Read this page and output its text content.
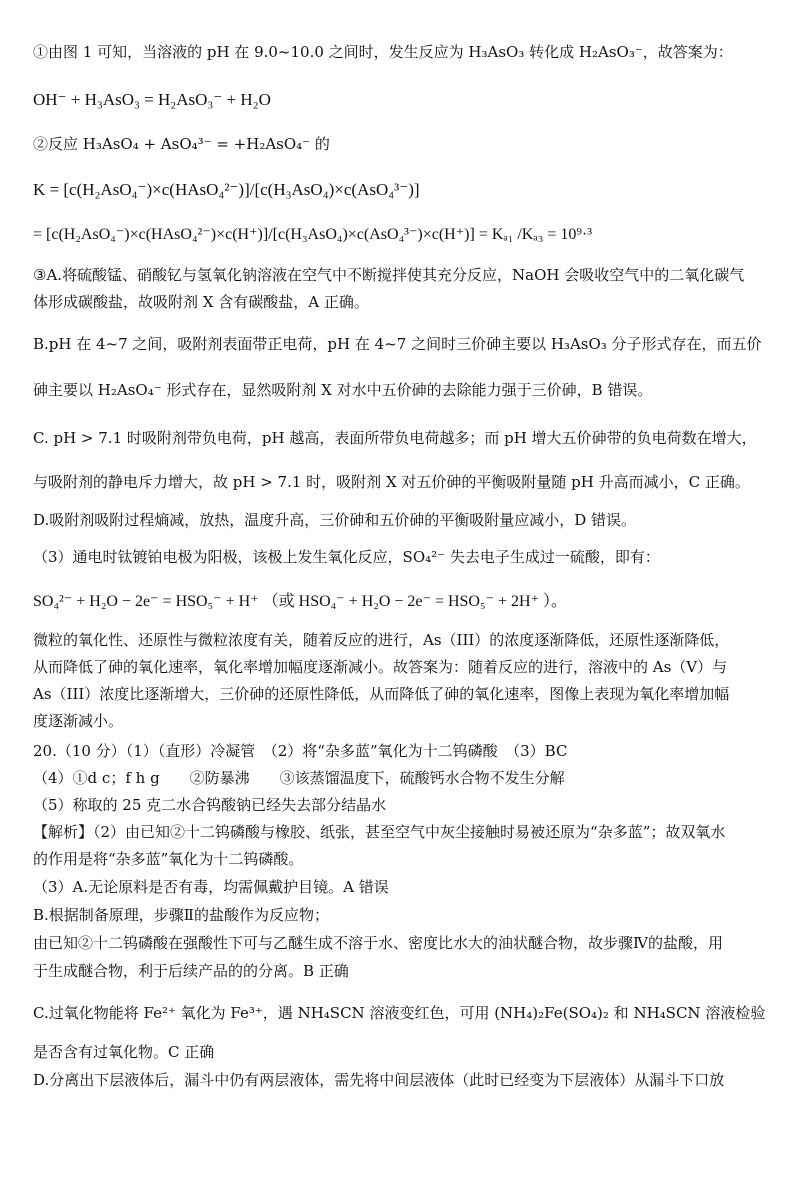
①由图 1 可知，当溶液的 pH 在 9.0~10.0 之间时，发生反应为 H₃AsO₃ 转化成 H₂AsO₃⁻，故答案为：
OH⁻ + H₃AsO₃ = H₂AsO₃⁻ + H₂O
②反应 H₃AsO₄ + AsO₄³⁻ = +H₂AsO₄⁻ 的
K = [c(H₂AsO₄⁻)×c(HAsO₄²⁻)]/[c(H₃AsO₄)×c(AsO₄³⁻)]
= [c(H₂AsO₄⁻)×c(HAsO₄²⁻)×c(H⁺)]/[c(H₃AsO₄)×c(AsO₄³⁻)×c(H⁺)] = Kₐ₁ /Kₐ₃ = 10⁹·³
③A.将硫酸锰、硝酸钇与氢氧化钠溶液在空气中不断搅拌使其充分反应，NaOH 会吸收空气中的二氧化碳气
体形成碳酸盐，故吸附剂 X 含有碳酸盐，A 正确。
B.pH 在 4~7 之间，吸附剂表面带正电荷，pH 在 4~7 之间时三价砷主要以 H₃AsO₃ 分子形式存在，而五价
砷主要以 H₂AsO₄⁻ 形式存在，显然吸附剂 X 对水中五价砷的去除能力强于三价砷，B 错误。
C. pH > 7.1 时吸附剂带负电荷，pH 越高，表面所带负电荷越多；而 pH 增大五价砷带的负电荷数在增大，
与吸附剂的静电斥力增大，故 pH > 7.1 时，吸附剂 X 对五价砷的平衡吸附量随 pH 升高而减小，C 正确。
D.吸附剂吸附过程熵减，放热，温度升高，三价砷和五价砷的平衡吸附量应减小，D 错误。
（3）通电时钛镀铂电极为阳极，该极上发生氧化反应，SO₄²⁻ 失去电子生成过一硫酸，即有：
SO₄²⁻ + H₂O − 2e⁻ = HSO₅⁻ + H⁺ （或 HSO₄⁻ + H₂O − 2e⁻ = HSO₅⁻ + 2H⁺ ）。
微粒的氧化性、还原性与微粒浓度有关，随着反应的进行，As（III）的浓度逐渐降低，还原性逐渐降低，
从而降低了砷的氧化速率，氧化率增加幅度逐渐减小。故答案为：随着反应的进行，溶液中的 As（V）与
As（III）浓度比逐渐增大，三价砷的还原性降低，从而降低了砷的氧化速率，图像上表现为氧化率增加幅
度逐渐减小。
20.（10 分）（1）（直形）冷凝管　（2）将“杂多蓝”氧化为十二钨磷酸　（3）BC
（4）①d c；f h g　　②防暴沸　　③该蒸馏温度下，硫酸钙水合物不发生分解
（5）称取的 25 克二水合钨酸钠已经失去部分结晶水
【解析】（2）由已知②十二钨磷酸与橡胶、纸张，甚至空气中灰尘接触时易被还原为“杂多蓝”；故双氧水
的作用是将“杂多蓝”氧化为十二钨磷酸。
（3）A.无论原料是否有毒，均需佩戴护目镜。A 错误
B.根据制备原理，步骤Ⅱ的盐酸作为反应物；
由已知②十二钨磷酸在强酸性下可与乙醚生成不溶于水、密度比水大的油状醚合物，故步骤Ⅳ的盐酸，用
于生成醚合物，利于后续产品的的分离。B 正确
C.过氧化物能将 Fe²⁺ 氧化为 Fe³⁺，遇 NH₄SCN 溶液变红色，可用 (NH₄)₂Fe(SO₄)₂ 和 NH₄SCN 溶液检验
是否含有过氧化物。C 正确
D.分离出下层液体后，漏斗中仍有两层液体，需先将中间层液体（此时已经变为下层液体）从漏斗下口放
